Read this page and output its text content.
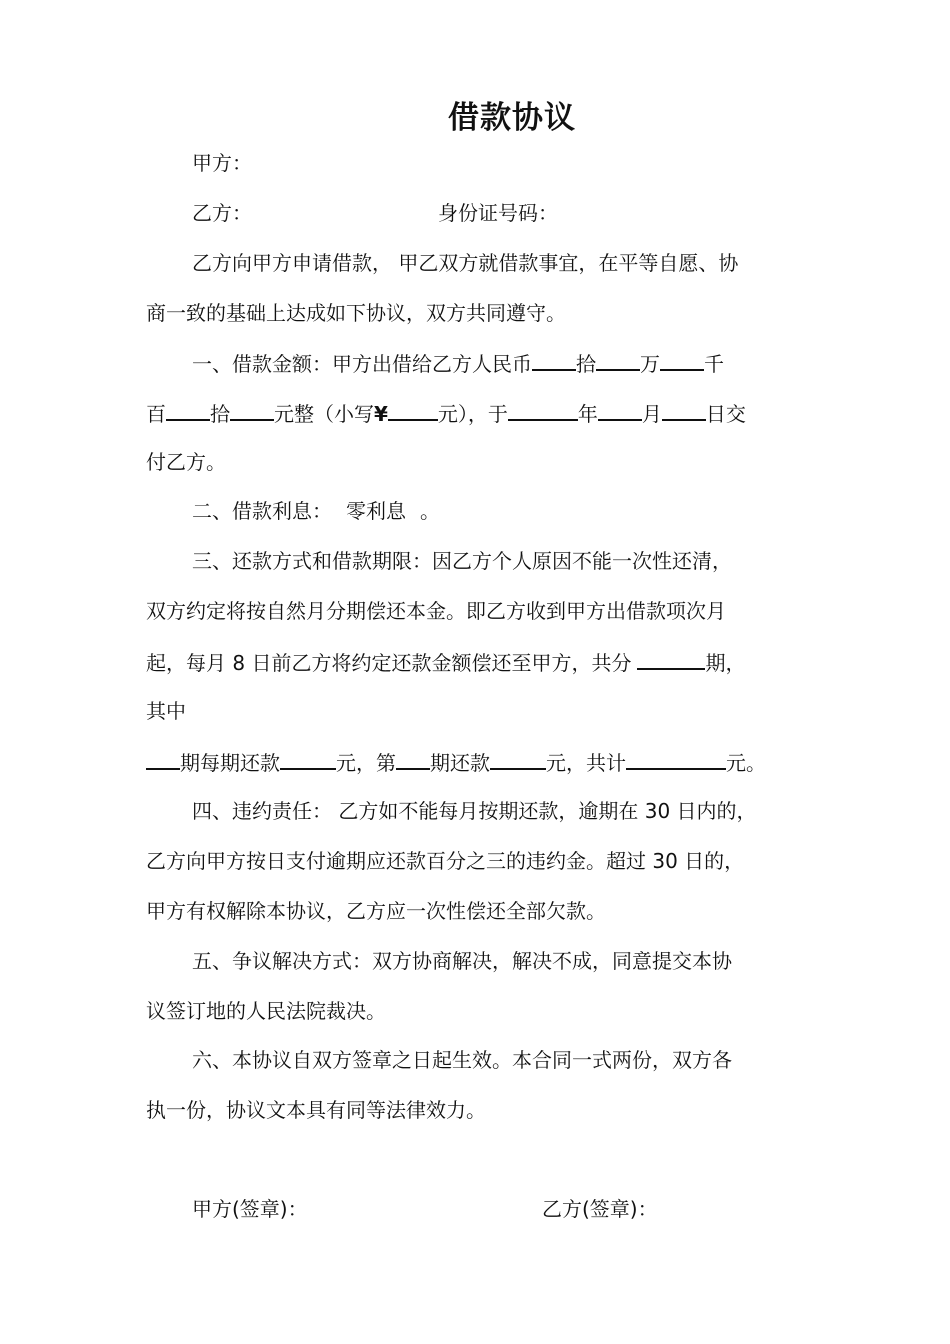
借款协议

甲方：

乙方：	身份证号码：

乙方向甲方申请借款， 甲乙双方就借款事宜，在平等自愿、协

商一致的基础上达成如下协议，双方共同遵守。

一、借款金额：甲方出借给乙方人民币 拾 万 千

百 拾 元整（小写¥	元），于	年 月 日交

付乙方。

二、借款利息： 零利息 。

三、还款方式和借款期限：因乙方个人原因不能一次性还清，

双方约定将按自然月分期偿还本金。即乙方收到甲方出借款项次月

起，每月 8 日前乙方将约定还款金额偿还至甲方，共分	期，

其中

期每期还款	元，第 期还款	元，共计	元。

四、违约责任： 乙方如不能每月按期还款，逾期在 30 日内的，

乙方向甲方按日支付逾期应还款百分之三的违约金。超过 30 日的，

甲方有权解除本协议，乙方应一次性偿还全部欠款。

五、争议解决方式：双方协商解决，解决不成，同意提交本协

议签订地的人民法院裁决。

六、本协议自双方签章之日起生效。本合同一式两份，双方各

执一份，协议文本具有同等法律效力。

甲方(签章)：	乙方(签章)：
